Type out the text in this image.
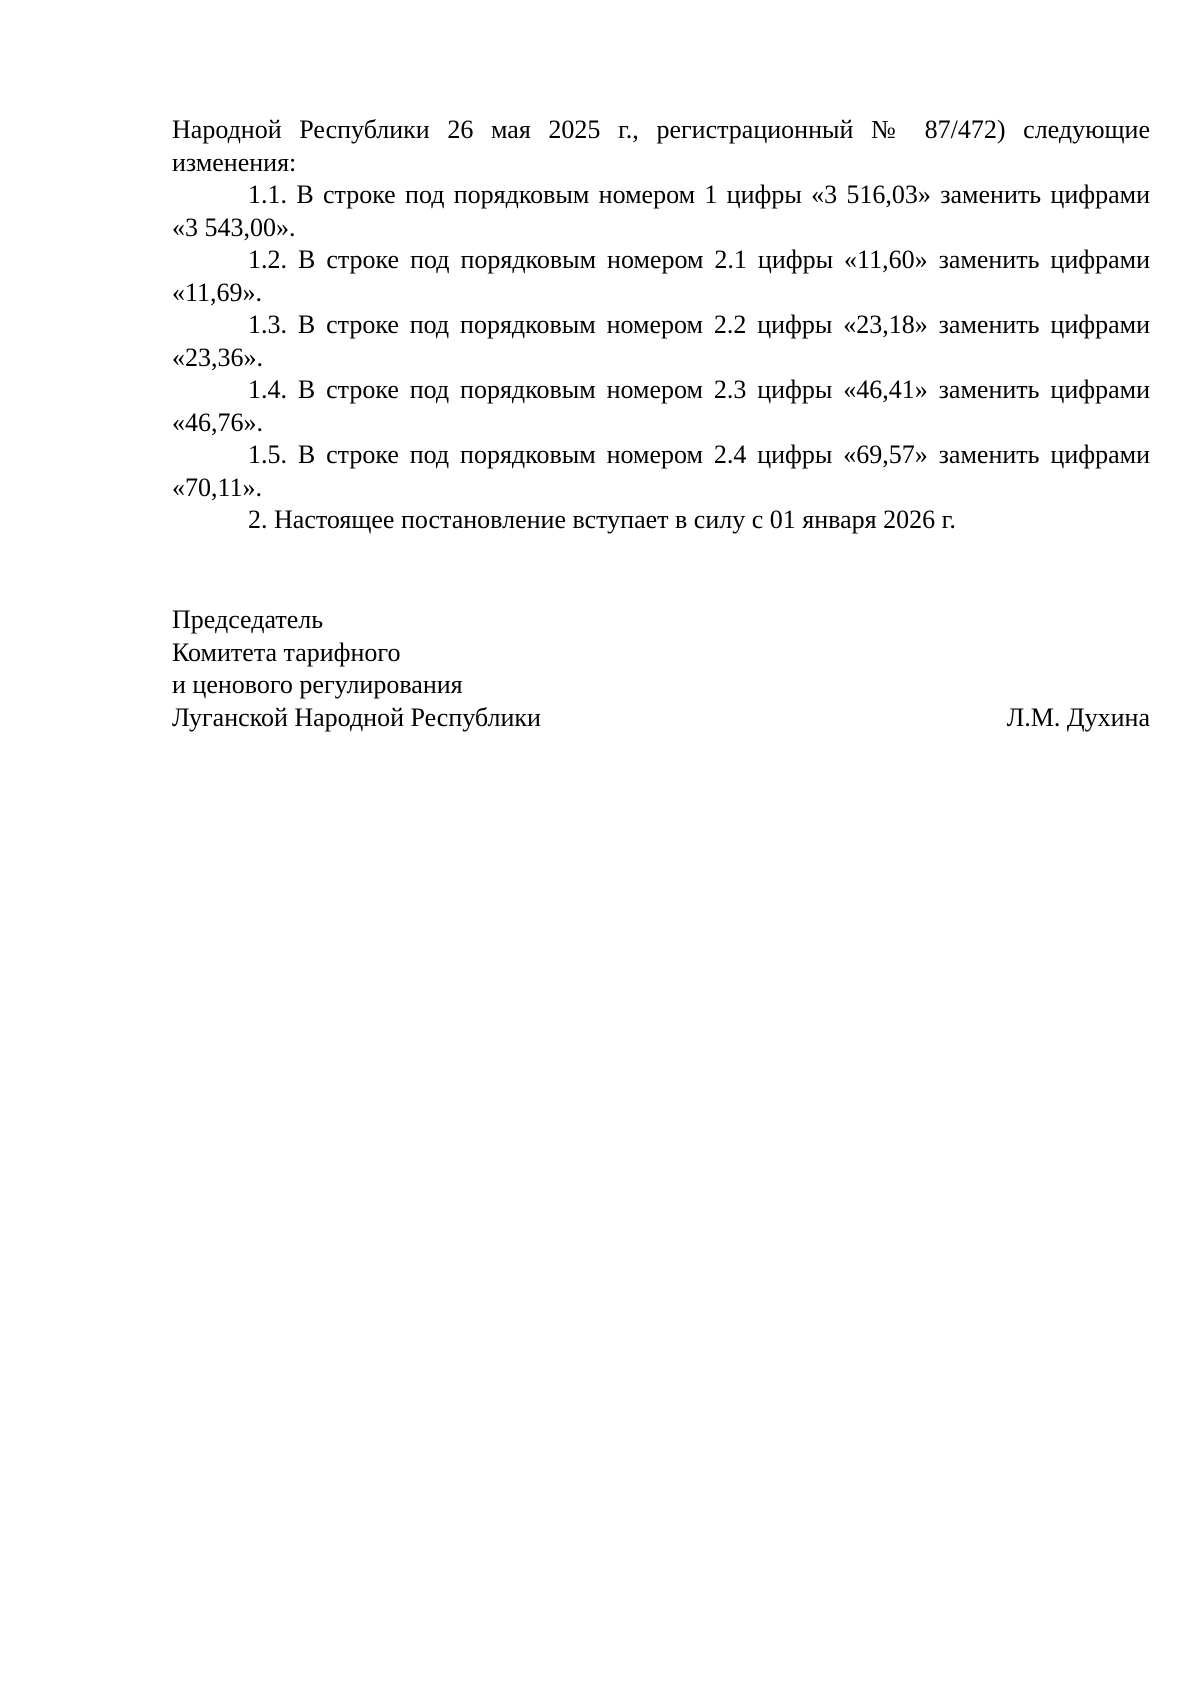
Народной Республики 26 мая 2025 г., регистрационный № 87/472) следующие изменения:

1.1. В строке под порядковым номером 1 цифры «3 516,03» заменить цифрами «3 543,00».

1.2. В строке под порядковым номером 2.1 цифры «11,60» заменить цифрами «11,69».

1.3. В строке под порядковым номером 2.2 цифры «23,18» заменить цифрами «23,36».

1.4. В строке под порядковым номером 2.3 цифры «46,41» заменить цифрами «46,76».

1.5. В строке под порядковым номером 2.4 цифры «69,57» заменить цифрами «70,11».

2. Настоящее постановление вступает в силу с 01 января 2026 г.

Председатель
Комитета тарифного
и ценового регулирования
Луганской Народной Республики	Л.М. Духина
